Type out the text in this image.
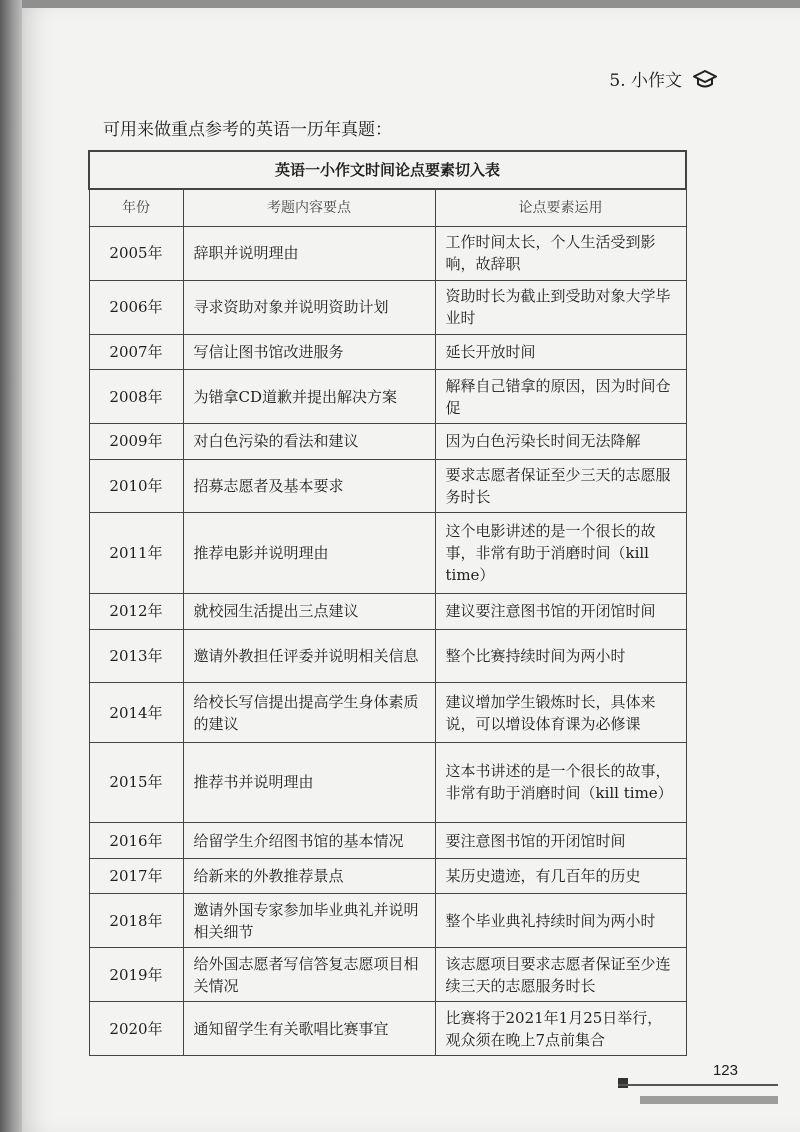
5. 小作文
可用来做重点参考的英语一历年真题：
英语一小作文时间论点要素切入表		
年份	考题内容要点	论点要素运用
2005年	辞职并说明理由	工作时间太长，个人生活受到影响，故辞职
2006年	寻求资助对象并说明资助计划	资助时长为截止到受助对象大学毕业时
2007年	写信让图书馆改进服务	延长开放时间
2008年	为错拿CD道歉并提出解决方案	解释自己错拿的原因，因为时间仓促
2009年	对白色污染的看法和建议	因为白色污染长时间无法降解
2010年	招募志愿者及基本要求	要求志愿者保证至少三天的志愿服务时长
2011年	推荐电影并说明理由	这个电影讲述的是一个很长的故事，非常有助于消磨时间（kill time）
2012年	就校园生活提出三点建议	建议要注意图书馆的开闭馆时间
2013年	邀请外教担任评委并说明相关信息	整个比赛持续时间为两小时
2014年	给校长写信提出提高学生身体素质的建议	建议增加学生锻炼时长，具体来说，可以增设体育课为必修课
2015年	推荐书并说明理由	这本书讲述的是一个很长的故事，非常有助于消磨时间（kill time）
2016年	给留学生介绍图书馆的基本情况	要注意图书馆的开闭馆时间
2017年	给新来的外教推荐景点	某历史遗迹，有几百年的历史
2018年	邀请外国专家参加毕业典礼并说明相关细节	整个毕业典礼持续时间为两小时
2019年	给外国志愿者写信答复志愿项目相关情况	该志愿项目要求志愿者保证至少连续三天的志愿服务时长
2020年	通知留学生有关歌唱比赛事宜	比赛将于2021年1月25日举行，观众须在晚上7点前集合
123
